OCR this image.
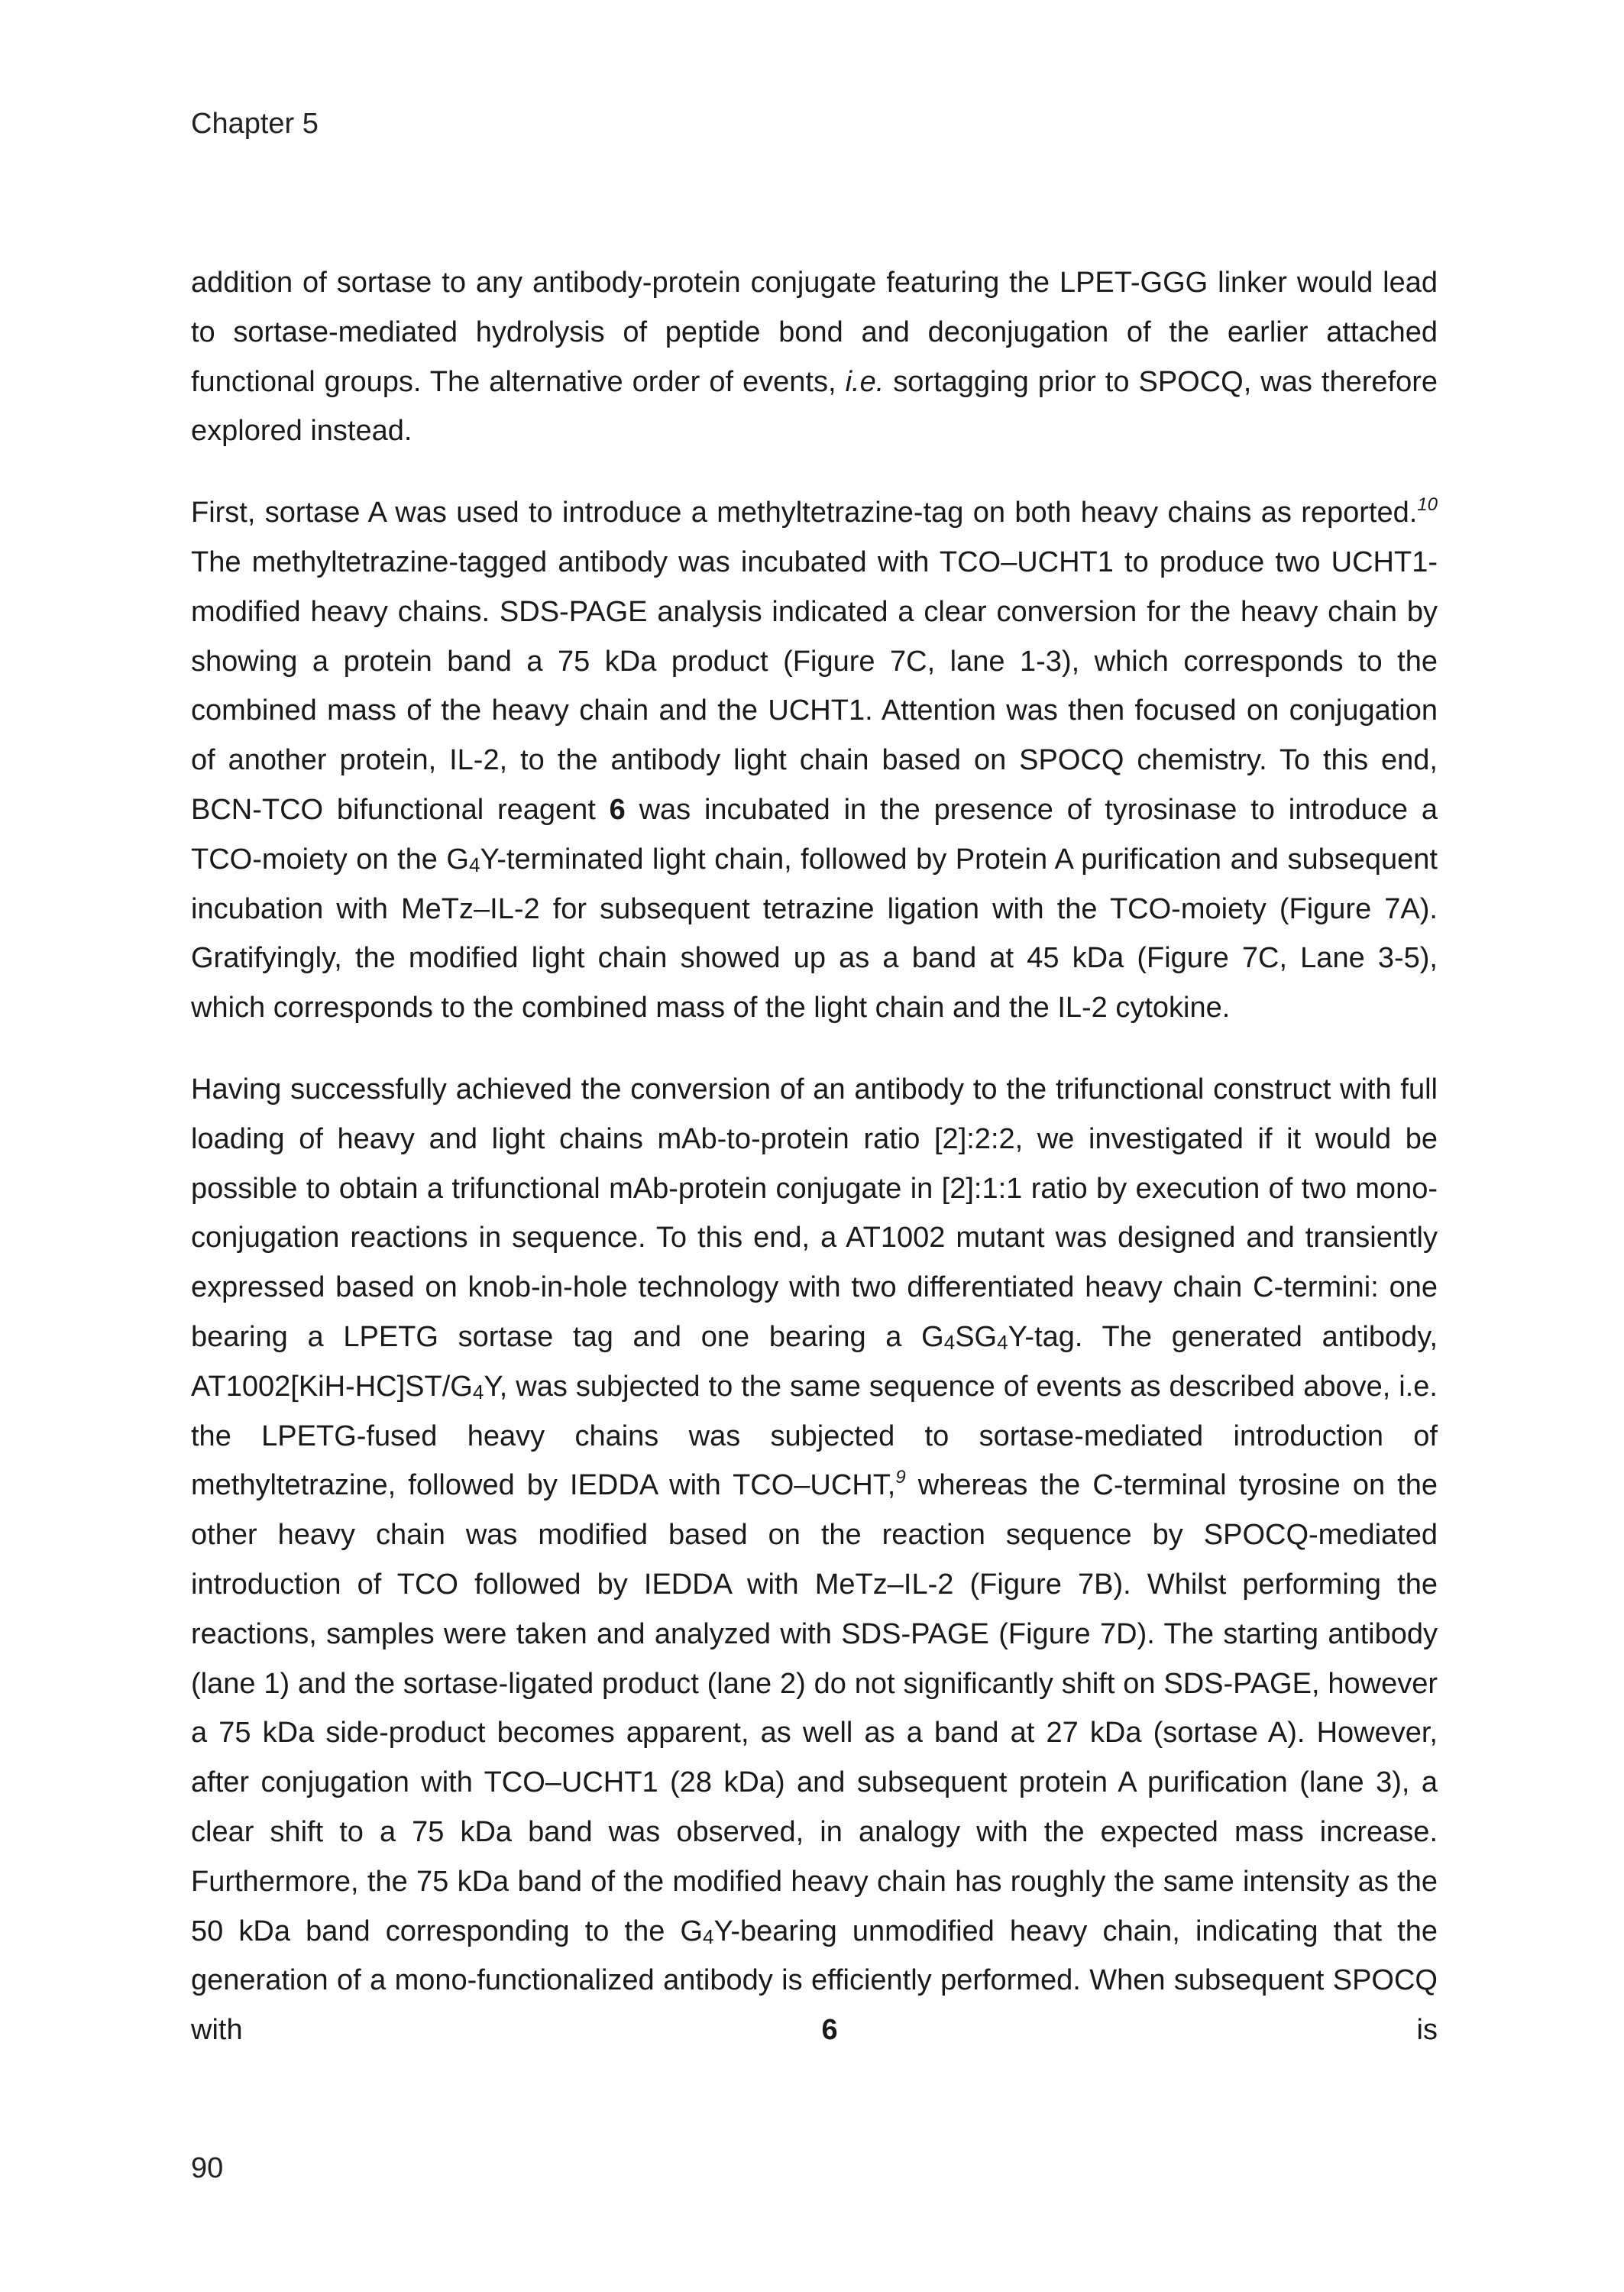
Chapter 5

addition of sortase to any antibody-protein conjugate featuring the LPET-GGG linker would lead to sortase-mediated hydrolysis of peptide bond and deconjugation of the earlier attached functional groups. The alternative order of events, i.e. sortagging prior to SPOCQ, was therefore explored instead.

First, sortase A was used to introduce a methyltetrazine-tag on both heavy chains as reported.$^{10}$ The methyltetrazine-tagged antibody was incubated with TCO–UCHT1 to produce two UCHT1-modified heavy chains. SDS-PAGE analysis indicated a clear conversion for the heavy chain by showing a protein band a 75 kDa product (Figure 7C, lane 1-3), which corresponds to the combined mass of the heavy chain and the UCHT1. Attention was then focused on conjugation of another protein, IL-2, to the antibody light chain based on SPOCQ chemistry. To this end, BCN-TCO bifunctional reagent 6 was incubated in the presence of tyrosinase to introduce a TCO-moiety on the $G_4Y$-terminated light chain, followed by Protein A purification and subsequent incubation with MeTz–IL-2 for subsequent tetrazine ligation with the TCO-moiety (Figure 7A). Gratifyingly, the modified light chain showed up as a band at 45 kDa (Figure 7C, Lane 3-5), which corresponds to the combined mass of the light chain and the IL-2 cytokine.

Having successfully achieved the conversion of an antibody to the trifunctional construct with full loading of heavy and light chains mAb-to-protein ratio [2]:2:2, we investigated if it would be possible to obtain a trifunctional mAb-protein conjugate in [2]:1:1 ratio by execution of two mono-conjugation reactions in sequence. To this end, a AT1002 mutant was designed and transiently expressed based on knob-in-hole technology with two differentiated heavy chain C-termini: one bearing a LPETG sortase tag and one bearing a $G_4SG_4Y$-tag. The generated antibody, $AT1002[KiH-HC]ST/G_4Y$, was subjected to the same sequence of events as described above, i.e. the LPETG-fused heavy chains was subjected to sortase-mediated introduction of methyltetrazine, followed by IEDDA with TCO–UCHT,$^9$ whereas the C-terminal tyrosine on the other heavy chain was modified based on the reaction sequence by SPOCQ-mediated introduction of TCO followed by IEDDA with MeTz–IL-2 (Figure 7B). Whilst performing the reactions, samples were taken and analyzed with SDS-PAGE (Figure 7D). The starting antibody (lane 1) and the sortase-ligated product (lane 2) do not significantly shift on SDS-PAGE, however a 75 kDa side-product becomes apparent, as well as a band at 27 kDa (sortase A). However, after conjugation with TCO–UCHT1 (28 kDa) and subsequent protein A purification (lane 3), a clear shift to a 75 kDa band was observed, in analogy with the expected mass increase. Furthermore, the 75 kDa band of the modified heavy chain has roughly the same intensity as the 50 kDa band corresponding to the $G_4Y$-bearing unmodified heavy chain, indicating that the generation of a mono-functionalized antibody is efficiently performed. When subsequent SPOCQ with 6 is

90
